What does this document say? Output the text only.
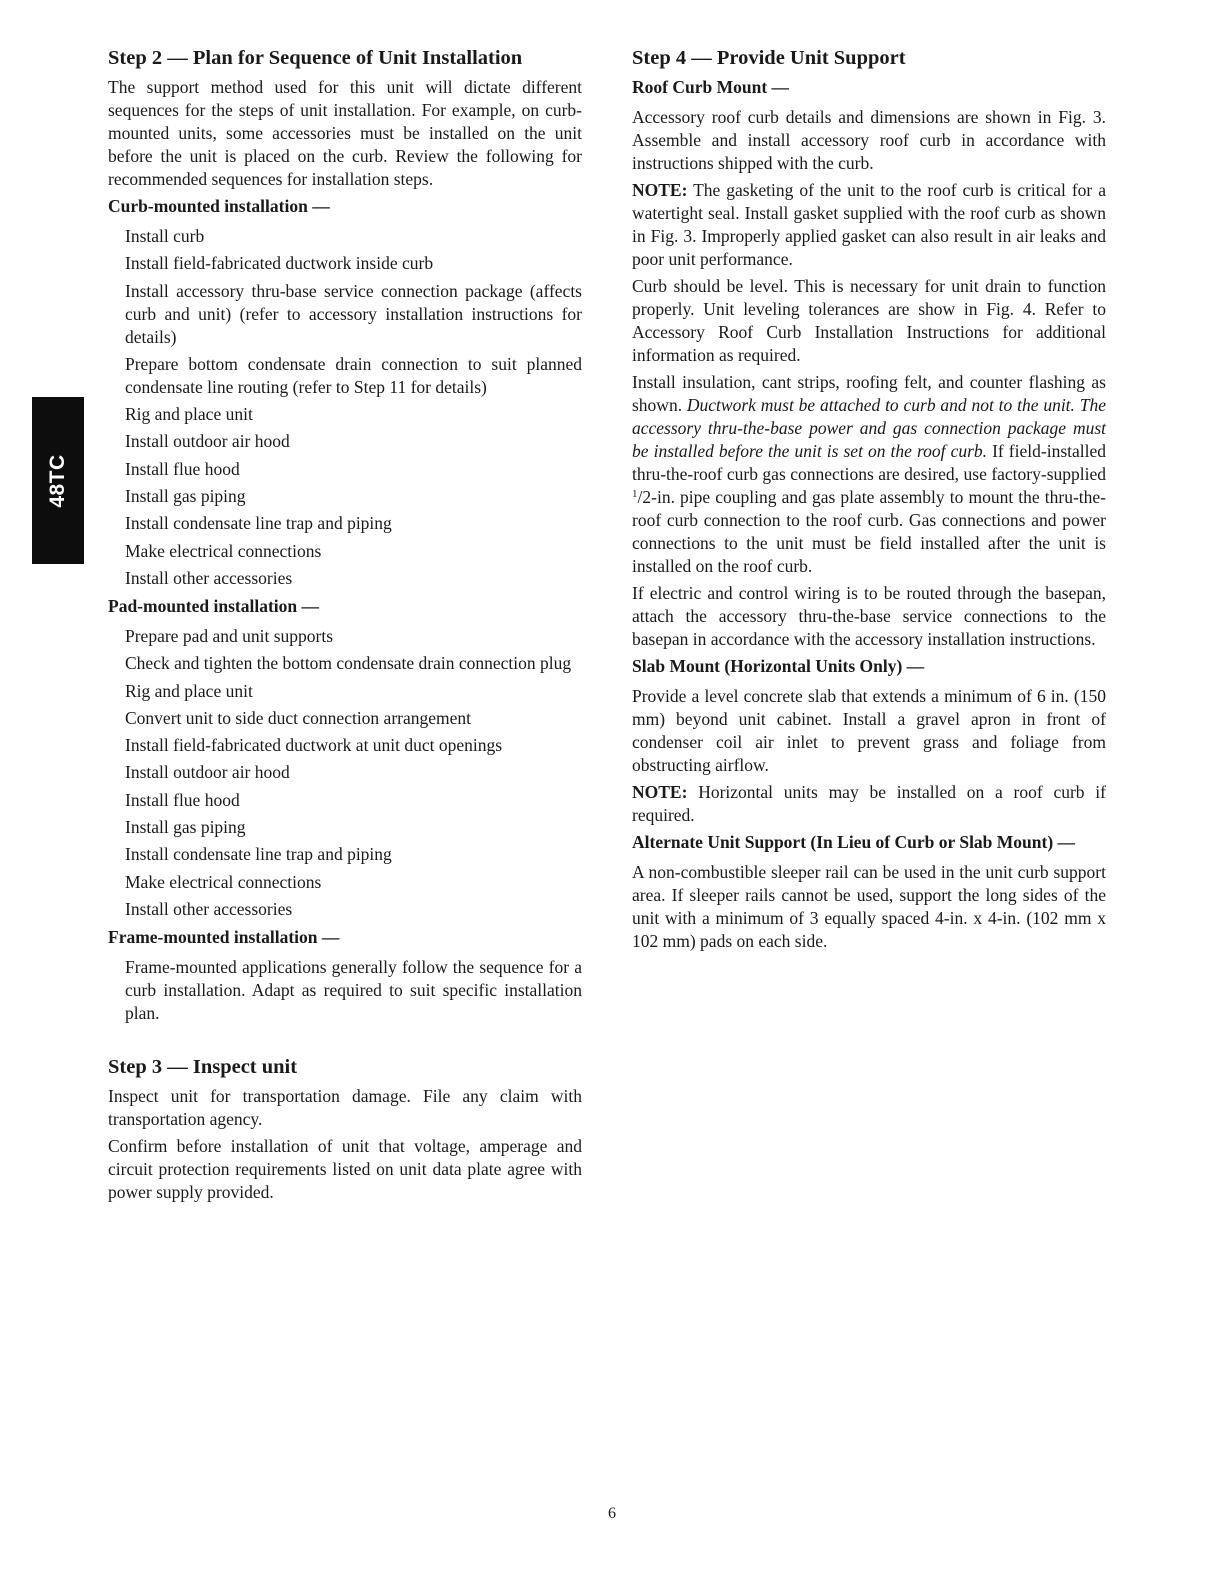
48TC
Step 2 — Plan for Sequence of Unit Installation

The support method used for this unit will dictate different sequences for the steps of unit installation. For example, on curb-mounted units, some accessories must be installed on the unit before the unit is placed on the curb. Review the following for recommended sequences for installation steps.

Curb-mounted installation —
Install curb
Install field-fabricated ductwork inside curb
Install accessory thru-base service connection package (affects curb and unit) (refer to accessory installation instructions for details)
Prepare bottom condensate drain connection to suit planned condensate line routing (refer to Step 11 for details)
Rig and place unit
Install outdoor air hood
Install flue hood
Install gas piping
Install condensate line trap and piping
Make electrical connections
Install other accessories
Pad-mounted installation —
Prepare pad and unit supports
Check and tighten the bottom condensate drain connection plug
Rig and place unit
Convert unit to side duct connection arrangement
Install field-fabricated ductwork at unit duct openings
Install outdoor air hood
Install flue hood
Install gas piping
Install condensate line trap and piping
Make electrical connections
Install other accessories
Frame-mounted installation —

Frame-mounted applications generally follow the sequence for a curb installation. Adapt as required to suit specific installation plan.

Step 3 — Inspect unit

Inspect unit for transportation damage. File any claim with transportation agency.

Confirm before installation of unit that voltage, amperage and circuit protection requirements listed on unit data plate agree with power supply provided.

Step 4 — Provide Unit Support
Roof Curb Mount —

Accessory roof curb details and dimensions are shown in Fig. 3. Assemble and install accessory roof curb in accordance with instructions shipped with the curb.

NOTE: The gasketing of the unit to the roof curb is critical for a watertight seal. Install gasket supplied with the roof curb as shown in Fig. 3. Improperly applied gasket can also result in air leaks and poor unit performance.

Curb should be level. This is necessary for unit drain to function properly. Unit leveling tolerances are show in Fig. 4. Refer to Accessory Roof Curb Installation Instructions for additional information as required.

Install insulation, cant strips, roofing felt, and counter flashing as shown. Ductwork must be attached to curb and not to the unit. The accessory thru-the-base power and gas connection package must be installed before the unit is set on the roof curb. If field-installed thru-the-roof curb gas connections are desired, use factory-supplied $^1$/2-in. pipe coupling and gas plate assembly to mount the thru-the-roof curb connection to the roof curb. Gas connections and power connections to the unit must be field installed after the unit is installed on the roof curb.

If electric and control wiring is to be routed through the basepan, attach the accessory thru-the-base service connections to the basepan in accordance with the accessory installation instructions.

Slab Mount (Horizontal Units Only) —

Provide a level concrete slab that extends a minimum of 6 in. (150 mm) beyond unit cabinet. Install a gravel apron in front of condenser coil air inlet to prevent grass and foliage from obstructing airflow.

NOTE: Horizontal units may be installed on a roof curb if required.

Alternate Unit Support (In Lieu of Curb or Slab Mount) —

A non-combustible sleeper rail can be used in the unit curb support area. If sleeper rails cannot be used, support the long sides of the unit with a minimum of 3 equally spaced 4-in. x 4-in. (102 mm x 102 mm) pads on each side.

6
